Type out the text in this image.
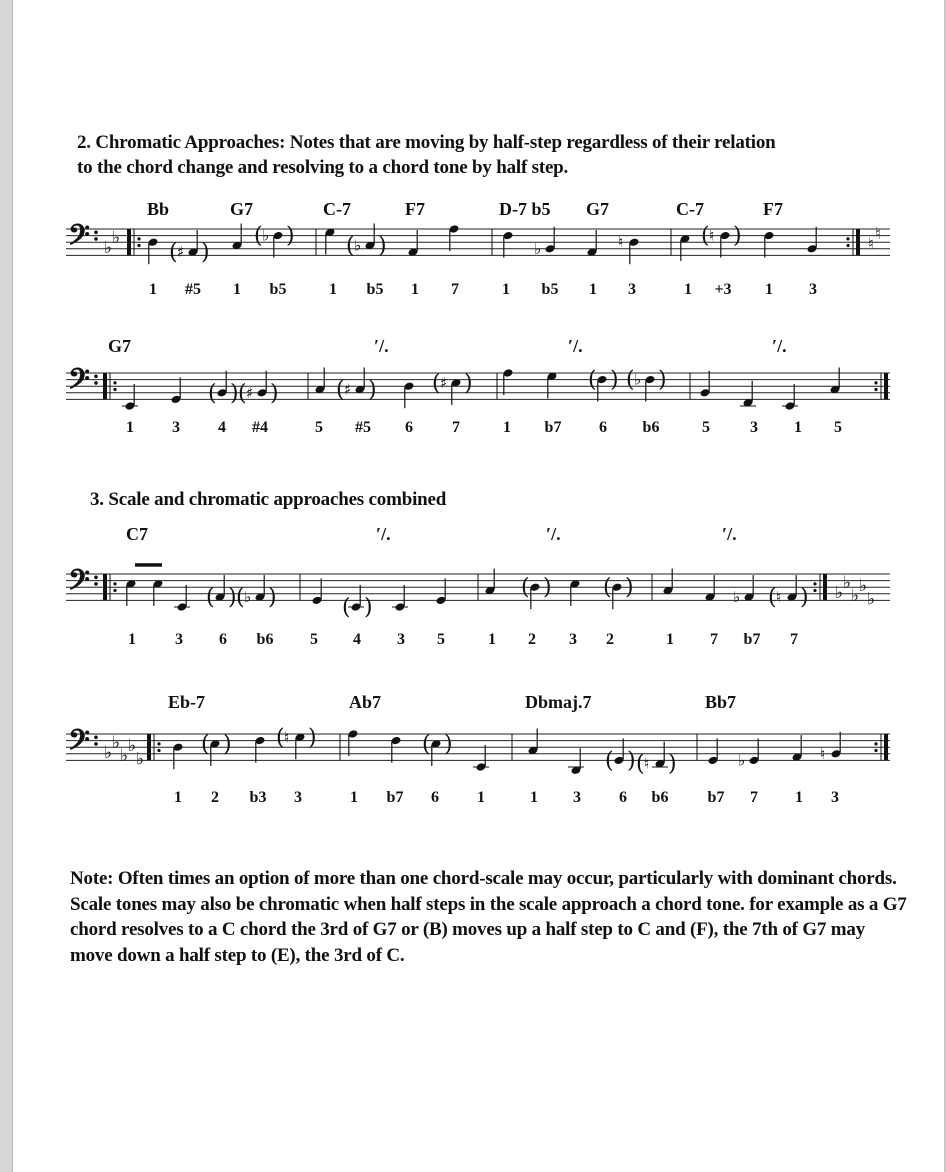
2. Chromatic Approaches: Notes that are moving by half-step regardless of their relation

to the chord change and resolving to a chord tone by half step.

Bb	G7	C-7	F7	D-7 b5 G7	C-7	F7
G7	′/.	′/.	′/.

3. Scale and chromatic approaches combined

C7	′/.	′/.	′/.
Eb-7	Ab7	Dbmaj.7	Bb7
1 #5 1 b5	1 b5 1 7	1 b5 1 3	1 +3 1 3
1 3 4 #4	5 #5 6 7	1 b7 6 b6	5	3 1 5
1 3 6 b6 5 4 3 5	1 2 3 2	1 7 b7 7
1 2 b3 3	1 b7 6 1	1 3 6 b6 b7 7 1 3
𝄢 ♭ ♭	♮
♮
♯
( )
♭
( )	♭
( )	♭	♮	♮
( )
𝄢	( ) ♯
( )	♯
( )	♯
( )	( ) ♭
( )
𝄢	♭ ♭
♭ ♭
♭
( ) ♭
( )	( )
( ) ( )	♭ ♮
( )
𝄢 ♭ ♭
♭ ♭
♭
( )	♮
( )	( )
( ) ♮
( )	♭	♮

Note: Often times an option of more than one chord-scale may occur, particularly with dominant chords.

Scale tones may also be chromatic when half steps in the scale approach a chord tone. for example as a G7 chord resolves to a C chord the 3rd of G7 or (B) moves up a half step to C and (F), the 7th of G7 may move down a half step to (E), the 3rd of C.
